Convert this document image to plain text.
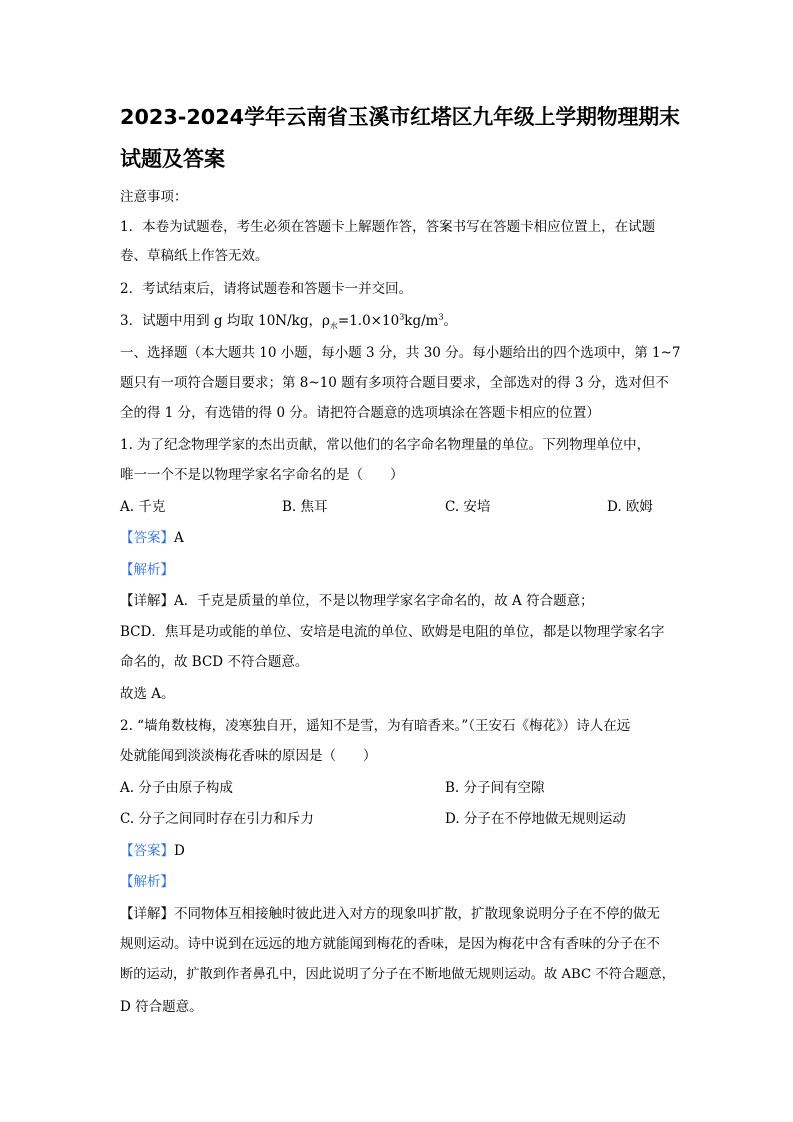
2023-2024学年云南省玉溪市红塔区九年级上学期物理期末
试题及答案
注意事项：
1．本卷为试题卷，考生必须在答题卡上解题作答，答案书写在答题卡相应位置上，在试题
卷、草稿纸上作答无效。
2．考试结束后，请将试题卷和答题卡一并交回。
3．试题中用到 g 均取 10N/kg，$\rho_水=1.0\times 10^3kg/m^3$。
一、选择题（本大题共 10 小题，每小题 3 分，共 30 分。每小题给出的四个选项中，第 1~7
题只有一项符合题目要求；第 8~10 题有多项符合题目要求，全部选对的得 3 分，选对但不
全的得 1 分，有选错的得 0 分。请把符合题意的选项填涂在答题卡相应的位置）
1. 为了纪念物理学家的杰出贡献，常以他们的名字命名物理量的单位。下列物理单位中，
唯一一个不是以物理学家名字命名的是（　　）
A. 千克	B. 焦耳	C. 安培	D. 欧姆
【答案】A
【解析】
【详解】A．千克是质量的单位，不是以物理学家名字命名的，故 A 符合题意；
BCD．焦耳是功或能的单位、安培是电流的单位、欧姆是电阻的单位，都是以物理学家名字
命名的，故 BCD 不符合题意。
故选 A。
2. “墙角数枝梅，凌寒独自开，遥知不是雪，为有暗香来。”（王安石《梅花》）诗人在远
处就能闻到淡淡梅花香味的原因是（　　）
A. 分子由原子构成	B. 分子间有空隙
C. 分子之间同时存在引力和斥力	D. 分子在不停地做无规则运动
【答案】D
【解析】
【详解】不同物体互相接触时彼此进入对方的现象叫扩散，扩散现象说明分子在不停的做无
规则运动。诗中说到在远远的地方就能闻到梅花的香味，是因为梅花中含有香味的分子在不
断的运动，扩散到作者鼻孔中，因此说明了分子在不断地做无规则运动。故 ABC 不符合题意，
D 符合题意。
